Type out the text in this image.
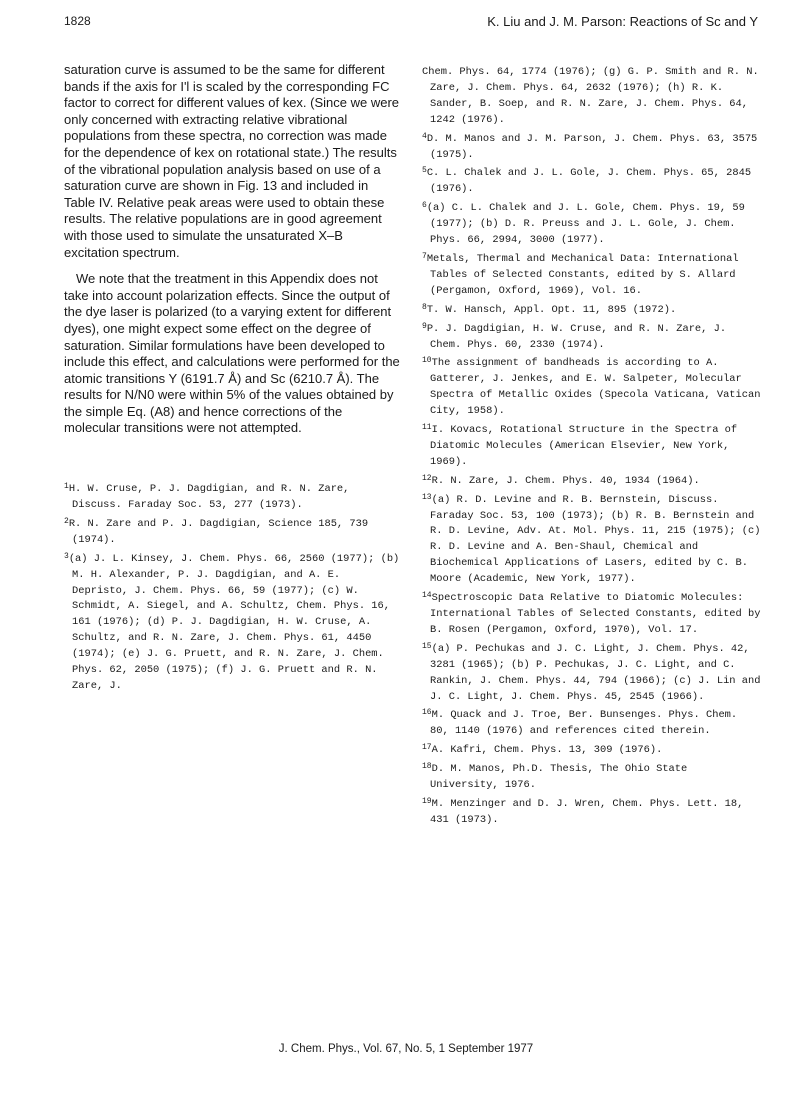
1828	K. Liu and J. M. Parson: Reactions of Sc and Y

saturation curve is assumed to be the same for different bands if the axis for I'l is scaled by the corresponding FC factor to correct for different values of kex. (Since we were only concerned with extracting relative vibrational populations from these spectra, no correction was made for the dependence of kex on rotational state.) The results of the vibrational population analysis based on use of a saturation curve are shown in Fig. 13 and included in Table IV. Relative peak areas were used to obtain these results. The relative populations are in good agreement with those used to simulate the unsaturated X–B excitation spectrum.

We note that the treatment in this Appendix does not take into account polarization effects. Since the output of the dye laser is polarized (to a varying extent for different dyes), one might expect some effect on the degree of saturation. Similar formulations have been developed to include this effect, and calculations were performed for the atomic transitions Y (6191.7 Å) and Sc (6210.7 Å). The results for N/N0 were within 5% of the values obtained by the simple Eq. (A8) and hence corrections of the molecular transitions were not attempted.

$^1$H. W. Cruse, P. J. Dagdigian, and R. N. Zare, Discuss. Faraday Soc. 53, 277 (1973).

$^2$R. N. Zare and P. J. Dagdigian, Science 185, 739 (1974).

$^3$(a) J. L. Kinsey, J. Chem. Phys. 66, 2560 (1977); (b) M. H. Alexander, P. J. Dagdigian, and A. E. Depristo, J. Chem. Phys. 66, 59 (1977); (c) W. Schmidt, A. Siegel, and A. Schultz, Chem. Phys. 16, 161 (1976); (d) P. J. Dagdigian, H. W. Cruse, A. Schultz, and R. N. Zare, J. Chem. Phys. 61, 4450 (1974); (e) J. G. Pruett, and R. N. Zare, J. Chem. Phys. 62, 2050 (1975); (f) J. G. Pruett and R. N. Zare, J.

Chem. Phys. 64, 1774 (1976); (g) G. P. Smith and R. N. Zare, J. Chem. Phys. 64, 2632 (1976); (h) R. K. Sander, B. Soep, and R. N. Zare, J. Chem. Phys. 64, 1242 (1976).

$^4$D. M. Manos and J. M. Parson, J. Chem. Phys. 63, 3575 (1975).

$^5$C. L. Chalek and J. L. Gole, J. Chem. Phys. 65, 2845 (1976).

$^6$(a) C. L. Chalek and J. L. Gole, Chem. Phys. 19, 59 (1977); (b) D. R. Preuss and J. L. Gole, J. Chem. Phys. 66, 2994, 3000 (1977).

$^7$Metals, Thermal and Mechanical Data: International Tables of Selected Constants, edited by S. Allard (Pergamon, Oxford, 1969), Vol. 16.

$^8$T. W. Hansch, Appl. Opt. 11, 895 (1972).

$^9$P. J. Dagdigian, H. W. Cruse, and R. N. Zare, J. Chem. Phys. 60, 2330 (1974).

$^{10}$The assignment of bandheads is according to A. Gatterer, J. Jenkes, and E. W. Salpeter, Molecular Spectra of Metallic Oxides (Specola Vaticana, Vatican City, 1958).

$^{11}$I. Kovacs, Rotational Structure in the Spectra of Diatomic Molecules (American Elsevier, New York, 1969).

$^{12}$R. N. Zare, J. Chem. Phys. 40, 1934 (1964).

$^{13}$(a) R. D. Levine and R. B. Bernstein, Discuss. Faraday Soc. 53, 100 (1973); (b) R. B. Bernstein and R. D. Levine, Adv. At. Mol. Phys. 11, 215 (1975); (c) R. D. Levine and A. Ben-Shaul, Chemical and Biochemical Applications of Lasers, edited by C. B. Moore (Academic, New York, 1977).

$^{14}$Spectroscopic Data Relative to Diatomic Molecules: International Tables of Selected Constants, edited by B. Rosen (Pergamon, Oxford, 1970), Vol. 17.

$^{15}$(a) P. Pechukas and J. C. Light, J. Chem. Phys. 42, 3281 (1965); (b) P. Pechukas, J. C. Light, and C. Rankin, J. Chem. Phys. 44, 794 (1966); (c) J. Lin and J. C. Light, J. Chem. Phys. 45, 2545 (1966).

$^{16}$M. Quack and J. Troe, Ber. Bunsenges. Phys. Chem. 80, 1140 (1976) and references cited therein.

$^{17}$A. Kafri, Chem. Phys. 13, 309 (1976).

$^{18}$D. M. Manos, Ph.D. Thesis, The Ohio State University, 1976.

$^{19}$M. Menzinger and D. J. Wren, Chem. Phys. Lett. 18, 431 (1973).

J. Chem. Phys., Vol. 67, No. 5, 1 September 1977
